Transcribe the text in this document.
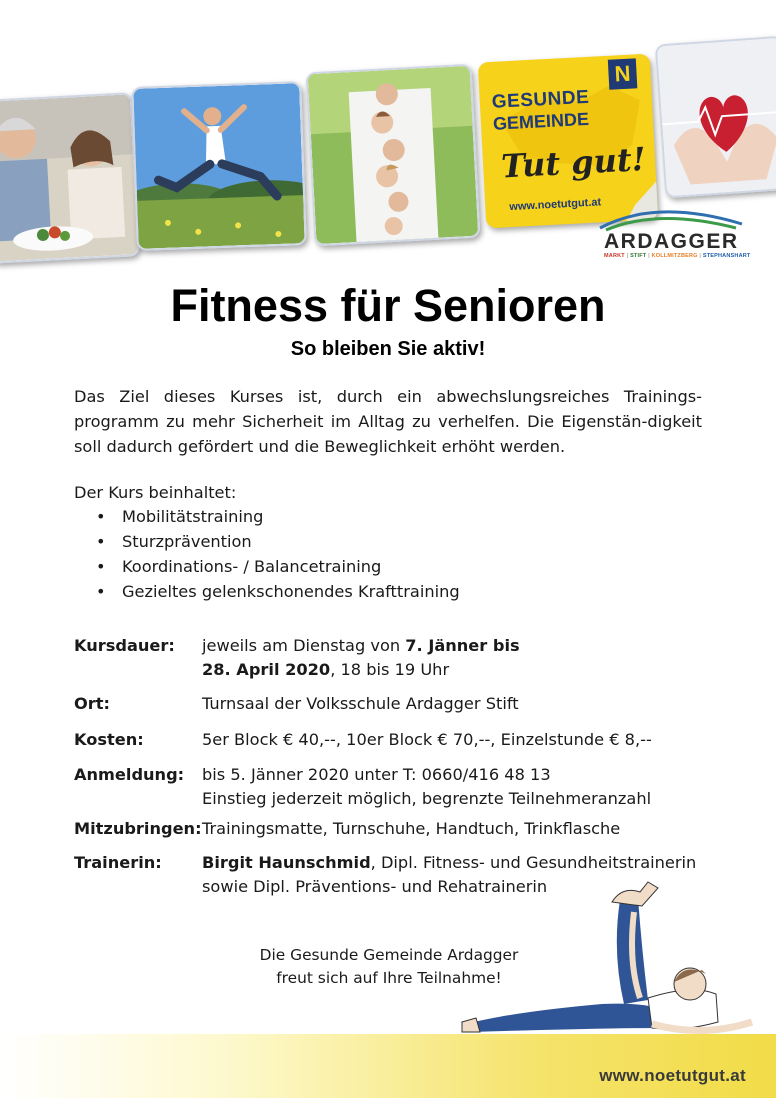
N
GESUNDE
GEMEINDE
Tut gut!
www.noetutgut.at
ARDAGGER
MARKT | STIFT | KOLLMITZBERG | STEPHANSHART
Fitness für Senioren
So bleiben Sie aktiv!

Das Ziel dieses Kurses ist, durch ein abwechslungsreiches Trainings-programm zu mehr Sicherheit im Alltag zu verhelfen. Die Eigenstän-digkeit soll dadurch gefördert und die Beweglichkeit erhöht werden.

Der Kurs beinhaltet:

• Mobilitätstraining
• Sturzprävention
• Koordinations- / Balancetraining
• Gezieltes gelenkschonendes Krafttraining
Kursdauer: jeweils am Dienstag von 7. Jänner bis
28. April 2020, 18 bis 19 Uhr
Ort:	Turnsaal der Volksschule Ardagger Stift
Kosten:	5er Block € 40,--, 10er Block € 70,--, Einzelstunde € 8,--
Anmeldung: bis 5. Jänner 2020 unter T: 0660/416 48 13
Einstieg jederzeit möglich, begrenzte Teilnehmeranzahl
Mitzubringen: Trainingsmatte, Turnschuhe, Handtuch, Trinkflasche
Trainerin: Birgit Haunschmid, Dipl. Fitness- und Gesundheitstrainerin
sowie Dipl. Präventions- und Rehatrainerin
Die Gesunde Gemeinde Ardagger
freut sich auf Ihre Teilnahme!
www.noetutgut.at
